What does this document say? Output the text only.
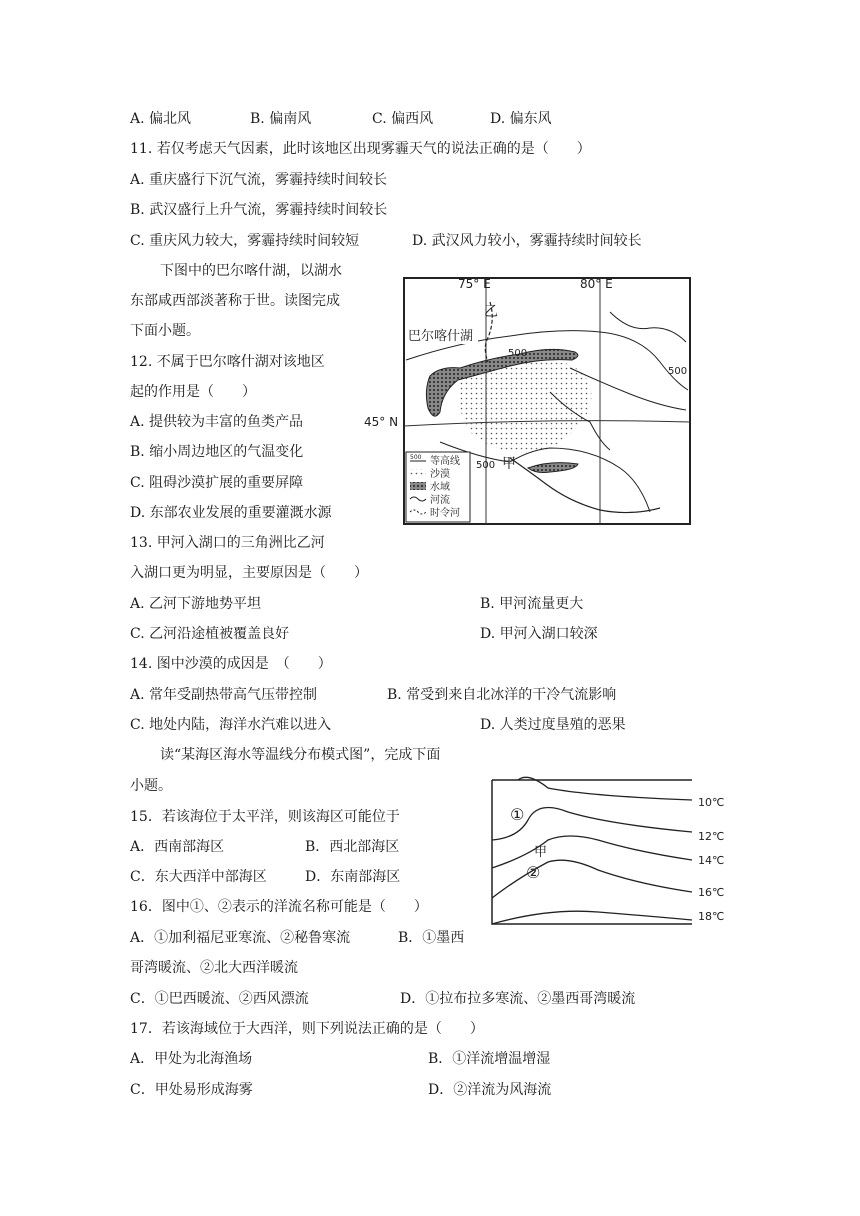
A. 偏北风	B. 偏南风	C. 偏西风	D. 偏东风
11. 若仅考虑天气因素，此时该地区出现雾霾天气的说法正确的是（　　）
A. 重庆盛行下沉气流，雾霾持续时间较长
B. 武汉盛行上升气流，雾霾持续时间较长
C. 重庆风力较大，雾霾持续时间较短	D. 武汉风力较小，雾霾持续时间较长
下图中的巴尔喀什湖，以湖水
东部咸西部淡著称于世。读图完成
下面小题。
12. 不属于巴尔喀什湖对该地区
起的作用是（　　）
A. 提供较为丰富的鱼类产品
B. 缩小周边地区的气温变化
C. 阻碍沙漠扩展的重要屏障
D. 东部农业发展的重要灌溉水源
13. 甲河入湖口的三角洲比乙河
入湖口更为明显，主要原因是（　　）
A. 乙河下游地势平坦	B. 甲河流量更大
C. 乙河沿途植被覆盖良好	D. 甲河入湖口较深
14. 图中沙漠的成因是　（　　）
A. 常年受副热带高气压带控制	B. 常受到来自北冰洋的干冷气流影响
C. 地处内陆，海洋水汽难以进入	D. 人类过度垦殖的恶果
读“某海区海水等温线分布模式图”，完成下面
小题。
15．若该海位于太平洋，则该海区可能位于
A．西南部海区	B．西北部海区
C．东大西洋中部海区	D．东南部海区
16．图中①、②表示的洋流名称可能是（　　）
A．①加利福尼亚寒流、②秘鲁寒流	B．①墨西
哥湾暖流、②北大西洋暖流
C．①巴西暖流、②西风漂流	D．①拉布拉多寒流、②墨西哥湾暖流
17．若该海域位于大西洋，则下列说法正确的是（　　）
A．甲处为北海渔场	B．①洋流增温增湿
C．甲处易形成海雾	D．②洋流为风海流
75° E	80° E
45° N
500
500
500
乙
甲
巴尔喀什湖
500 等高线
沙漠
水域
河流
时令河
①
②
甲
10℃
12℃
14℃
16℃
18℃
